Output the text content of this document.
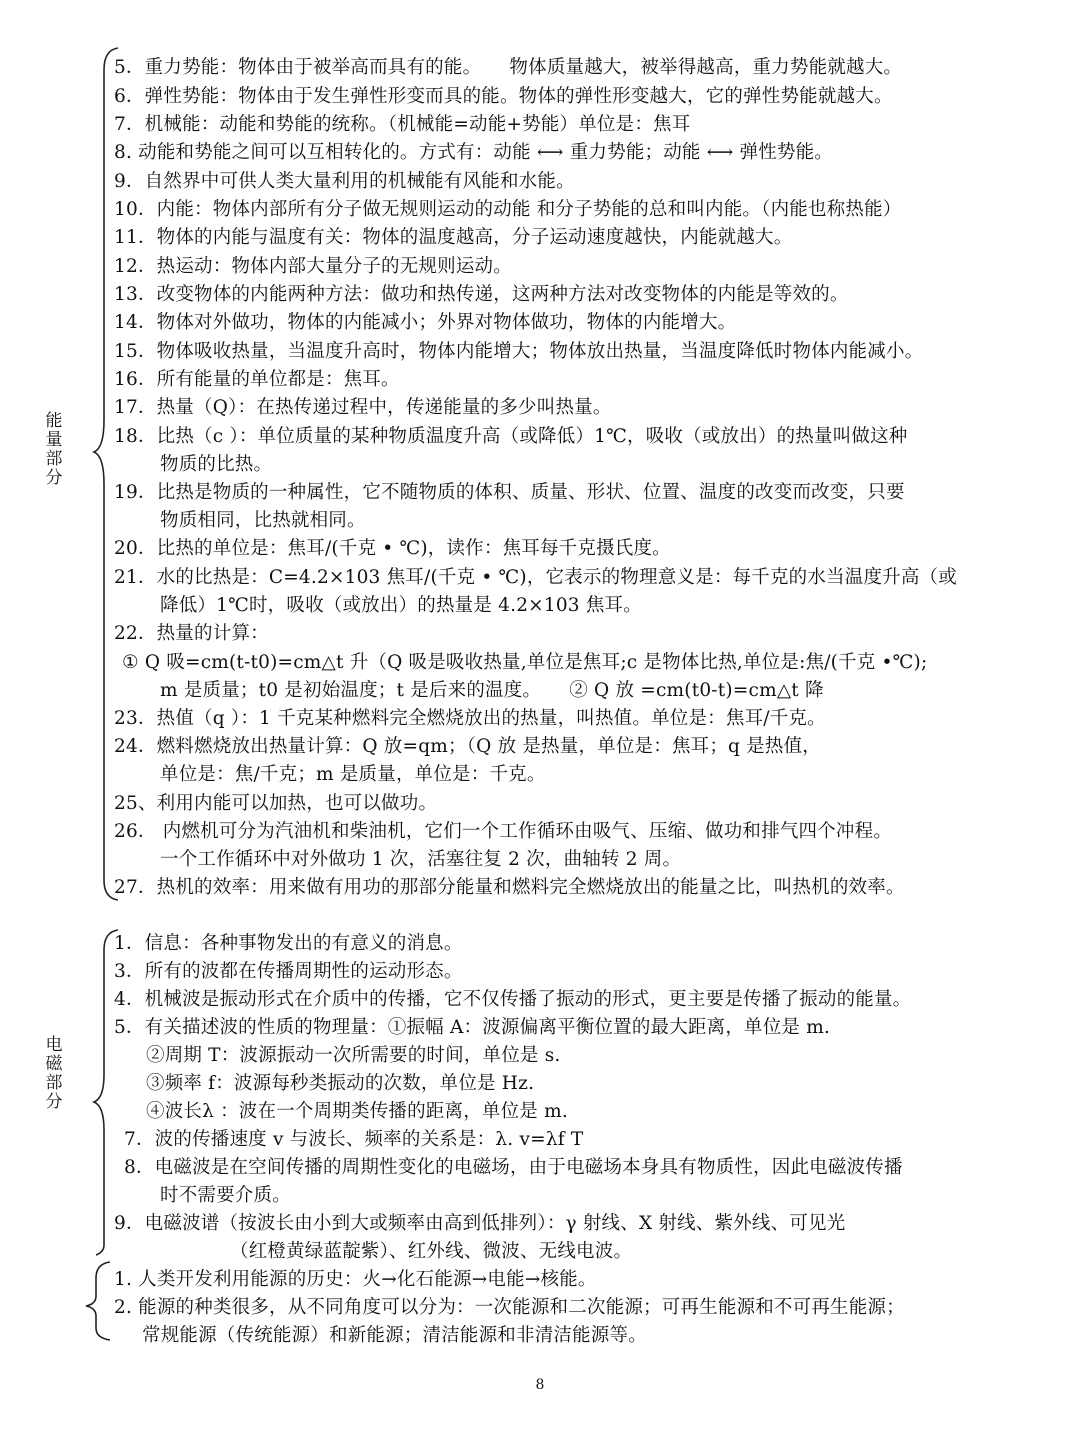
能量部分
电磁部分
5．重力势能：物体由于被举高而具有的能。　　物体质量越大，被举得越高，重力势能就越大。
6．弹性势能：物体由于发生弹性形变而具的能。物体的弹性形变越大，它的弹性势能就越大。
7．机械能：动能和势能的统称。（机械能=动能+势能）单位是：焦耳
8. 动能和势能之间可以互相转化的。方式有：动能 ⟷ 重力势能；动能 ⟷ 弹性势能。
9．自然界中可供人类大量利用的机械能有风能和水能。
10．内能：物体内部所有分子做无规则运动的动能 和分子势能的总和叫内能。（内能也称热能）
11．物体的内能与温度有关：物体的温度越高，分子运动速度越快，内能就越大。
12．热运动：物体内部大量分子的无规则运动。
13．改变物体的内能两种方法：做功和热传递，这两种方法对改变物体的内能是等效的。
14．物体对外做功，物体的内能减小；外界对物体做功，物体的内能增大。
15．物体吸收热量，当温度升高时，物体内能增大；物体放出热量，当温度降低时物体内能减小。
16．所有能量的单位都是：焦耳。
17．热量（Q）：在热传递过程中，传递能量的多少叫热量。
18．比热（c ）：单位质量的某种物质温度升高（或降低）1℃，吸收（或放出）的热量叫做这种
物质的比热。
19．比热是物质的一种属性，它不随物质的体积、质量、形状、位置、温度的改变而改变，只要
物质相同，比热就相同。
20．比热的单位是：焦耳/(千克 • ℃)，读作：焦耳每千克摄氏度。
21．水的比热是：C=4.2×103 焦耳/(千克 • ℃)，它表示的物理意义是：每千克的水当温度升高（或
降低）1℃时，吸收（或放出）的热量是 4.2×103 焦耳。
22．热量的计算：
① Q 吸=cm(t-t0)=cm△t 升（Q 吸是吸收热量,单位是焦耳;c 是物体比热,单位是:焦/(千克 •℃);
m 是质量；t0 是初始温度；t 是后来的温度。　　② Q 放 =cm(t0-t)=cm△t 降
23．热值（q ）：1 千克某种燃料完全燃烧放出的热量，叫热值。单位是：焦耳/千克。
24．燃料燃烧放出热量计算：Q 放=qm；（Q 放 是热量，单位是：焦耳；q 是热值，
单位是：焦/千克；m 是质量，单位是：千克。
25、利用内能可以加热，也可以做功。
26． 内燃机可分为汽油机和柴油机，它们一个工作循环由吸气、压缩、做功和排气四个冲程。
一个工作循环中对外做功 1 次，活塞往复 2 次，曲轴转 2 周。
27．热机的效率：用来做有用功的那部分能量和燃料完全燃烧放出的能量之比，叫热机的效率。
1．信息：各种事物发出的有意义的消息。
3．所有的波都在传播周期性的运动形态。
4．机械波是振动形式在介质中的传播，它不仅传播了振动的形式，更主要是传播了振动的能量。
5．有关描述波的性质的物理量：①振幅 A：波源偏离平衡位置的最大距离，单位是 m.
②周期 T：波源振动一次所需要的时间，单位是 s.
③频率 f：波源每秒类振动的次数，单位是 Hz.
④波长λ ：波在一个周期类传播的距离，单位是 m.
7．波的传播速度 v 与波长、频率的关系是：λ. v=λf T
8．电磁波是在空间传播的周期性变化的电磁场，由于电磁场本身具有物质性，因此电磁波传播
时不需要介质。
9．电磁波谱（按波长由小到大或频率由高到低排列）：γ 射线、X 射线、紫外线、可见光
（红橙黄绿蓝靛紫）、红外线、微波、无线电波。
1. 人类开发利用能源的历史：火→化石能源→电能→核能。
2. 能源的种类很多，从不同角度可以分为：一次能源和二次能源；可再生能源和不可再生能源；
常规能源（传统能源）和新能源；清洁能源和非清洁能源等。
8
